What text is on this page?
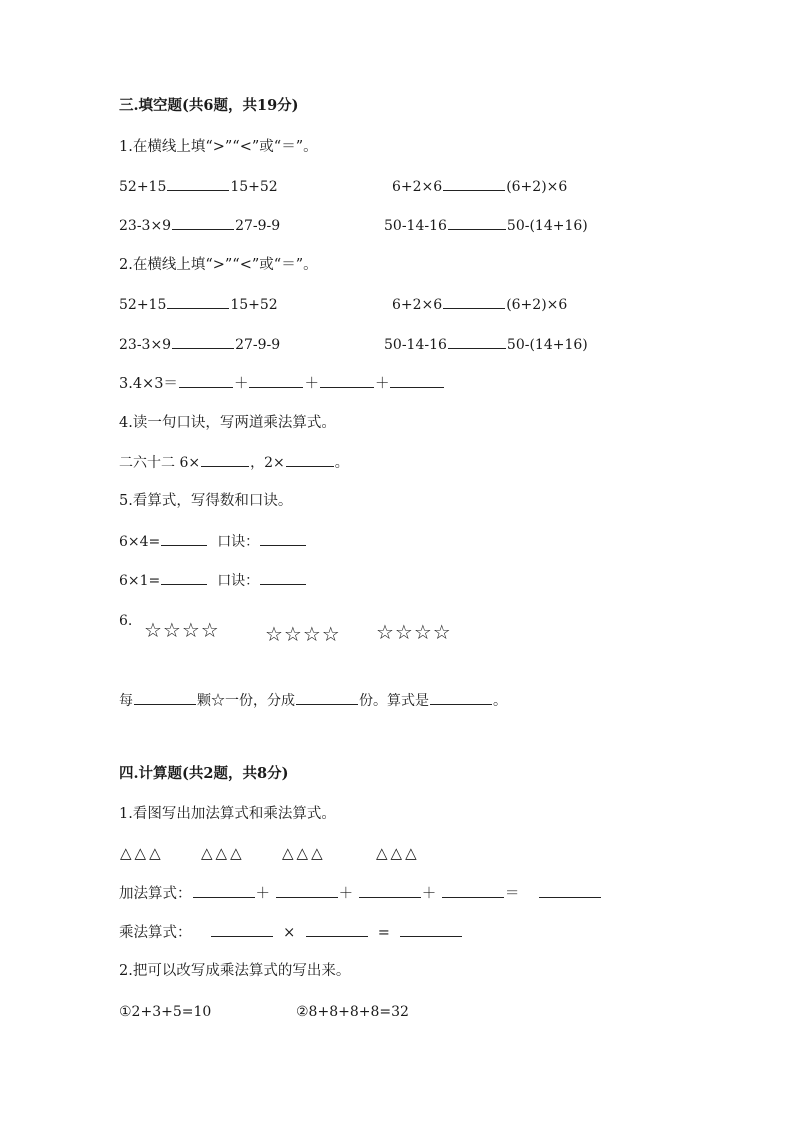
三.填空题(共6题，共19分)
1.在横线上填“>”“<”或“＝”。
52+15	15+52	6+2×6	(6+2)×6
23-3×9	27-9-9	50-14-16	50-(14+16)
2.在横线上填“>”“<”或“＝”。
52+15	15+52	6+2×6	(6+2)×6
23-3×9	27-9-9	50-14-16	50-(14+16)
3.4×3＝	＋	＋	＋
4.读一句口诀，写两道乘法算式。
二六十二 6×	，2×	。
5.看算式，写得数和口诀。
6×4=	口诀：
6×1=	口诀：
6. ☆☆☆☆ ☆☆☆☆ ☆☆☆☆
每	颗☆一份，分成	份。算式是	。
四.计算题(共2题，共8分)
1.看图写出加法算式和乘法算式。
△△△ △△△ △△△	△△△
加法算式：	＋	＋	＋	＝
乘法算式：	×	=
2.把可以改写成乘法算式的写出来。
①2+3+5=10	②8+8+8+8=32
